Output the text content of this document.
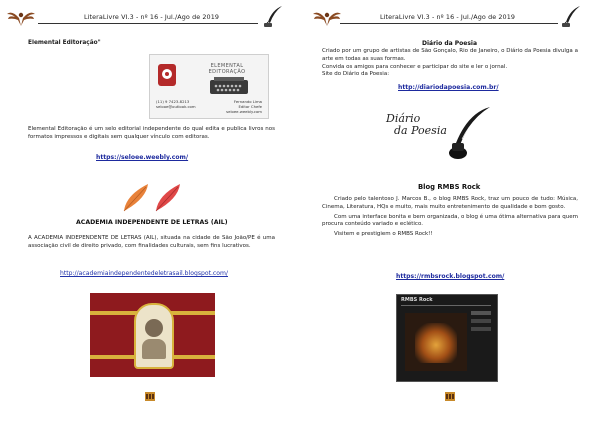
LiteraLivre VI.3 - nº 16 - Jul./Ago de 2019
Elemental Editoração"
ELEMENTAL
EDITORAÇÃO
(11) 9 7423-8213
selooe@outlook.com
Fernando Lima
Editor Chefe
seloee.weebly.com
Elemental Editoração é um selo editorial independente do qual edita e publica livros nos formatos impressos e digitais sem qualquer vínculo com editoras.
https://seloee.weebly.com/
ACADEMIA INDEPENDENTE DE LETRAS (AIL)
A ACADEMIA INDEPENDENTE DE LETRAS (AIL), situada na cidade de São João/PE é uma associação civil de direito privado, com finalidades culturais, sem fins lucrativos.
http://academiaindependentedeletrasail.blogspot.com/
LiteraLivre VI.3 - nº 16 - Jul./Ago de 2019
Diário da Poesia
Criado por um grupo de artistas de São Gonçalo, Rio de Janeiro, o Diário da Poesia divulga a arte em todas as suas formas.
Convida os amigos para conhecer e participar do site e ler o jornal.
Site do Diário da Poesia:
http://diariodapoesia.com.br/
Diário
da Poesia
Blog RMBS Rock
Criado pelo talentoso J. Marcos B., o blog RMBS Rock, traz um pouco de tudo: Música, Cinema, Literatura, HQs e muito, mais muito entretenimento de qualidade e bom gosto.
Com uma interface bonita e bem organizada, o blog é uma ótima alternativa para quem procura conteúdo variado e eclético.
Visitem e prestigiem o RMBS Rock!!
https://rmbsrock.blogspot.com/
RMBS Rock
